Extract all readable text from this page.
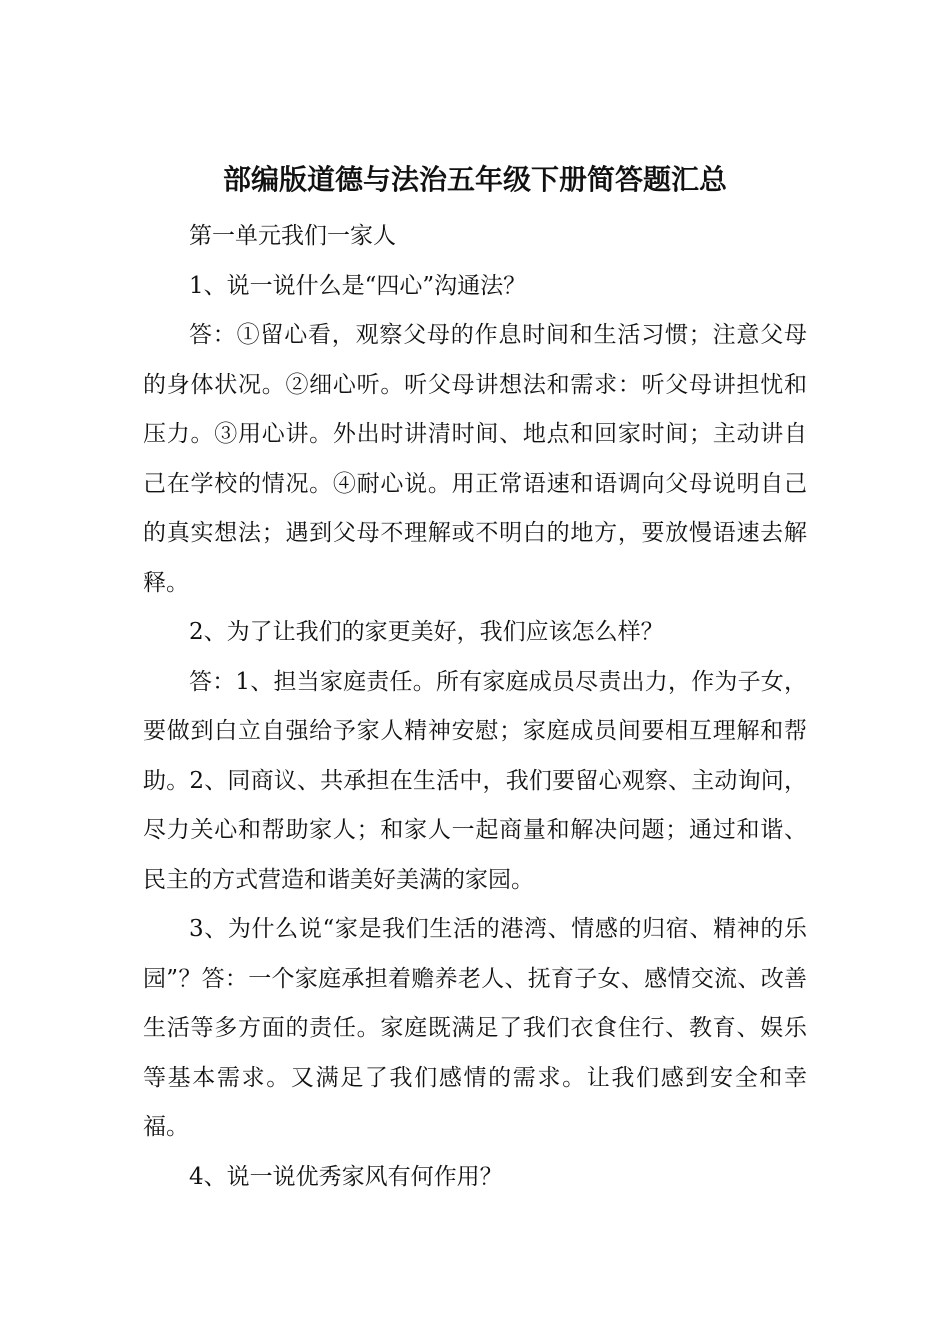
部编版道德与法治五年级下册简答题汇总

第一单元我们一家人

1、说一说什么是“四心”沟通法？

答：①留心看，观察父母的作息时间和生活习惯；注意父母的身体状况。②细心听。听父母讲想法和需求：听父母讲担忧和压力。③用心讲。外出时讲清时间、地点和回家时间；主动讲自己在学校的情况。④耐心说。用正常语速和语调向父母说明自己的真实想法；遇到父母不理解或不明白的地方，要放慢语速去解释。

2、为了让我们的家更美好，我们应该怎么样？

答：1、担当家庭责任。所有家庭成员尽责出力，作为子女，要做到白立自强给予家人精神安慰；家庭成员间要相互理解和帮助。2、同商议、共承担在生活中，我们要留心观察、主动询问，尽力关心和帮助家人；和家人一起商量和解决问题；通过和谐、民主的方式营造和谐美好美满的家园。

3、为什么说“家是我们生活的港湾、情感的归宿、精神的乐园”？答：一个家庭承担着赡养老人、抚育子女、感情交流、改善生活等多方面的责任。家庭既满足了我们衣食住行、教育、娱乐等基本需求。又满足了我们感情的需求。让我们感到安全和幸福。

4、说一说优秀家风有何作用？
